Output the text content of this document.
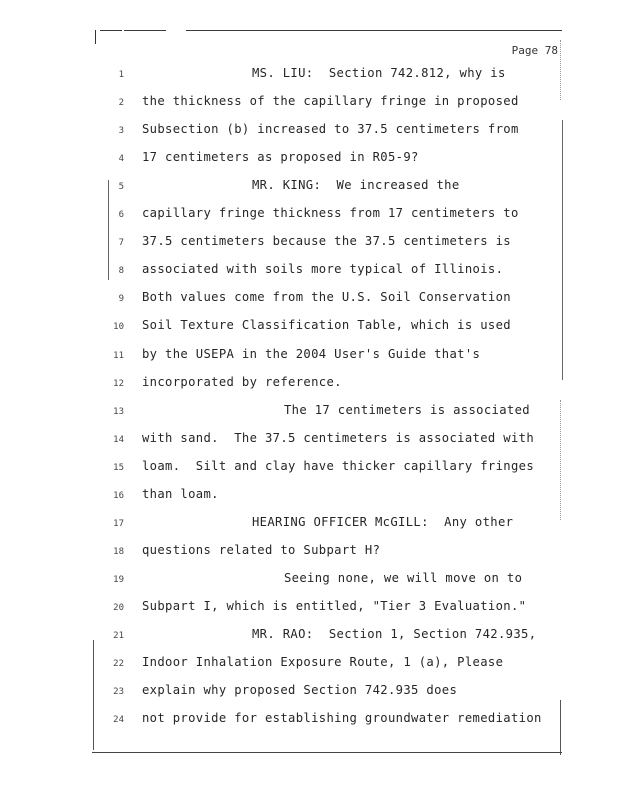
Page 78
1	MS. LIU:  Section 742.812, why is
2 the thickness of the capillary fringe in proposed
3 Subsection (b) increased to 37.5 centimeters from
4 17 centimeters as proposed in R05-9?
5	MR. KING:  We increased the
6 capillary fringe thickness from 17 centimeters to
7 37.5 centimeters because the 37.5 centimeters is
8 associated with soils more typical of Illinois.
9 Both values come from the U.S. Soil Conservation
10 Soil Texture Classification Table, which is used
11 by the USEPA in the 2004 User's Guide that's
12 incorporated by reference.
13	The 17 centimeters is associated
14 with sand.  The 37.5 centimeters is associated with
15 loam.  Silt and clay have thicker capillary fringes
16 than loam.
17	HEARING OFFICER McGILL:  Any other
18 questions related to Subpart H?
19	Seeing none, we will move on to
20 Subpart I, which is entitled, "Tier 3 Evaluation."
21	MR. RAO:  Section 1, Section 742.935,
22 Indoor Inhalation Exposure Route, 1 (a), Please
23 explain why proposed Section 742.935 does
24 not provide for establishing groundwater remediation
